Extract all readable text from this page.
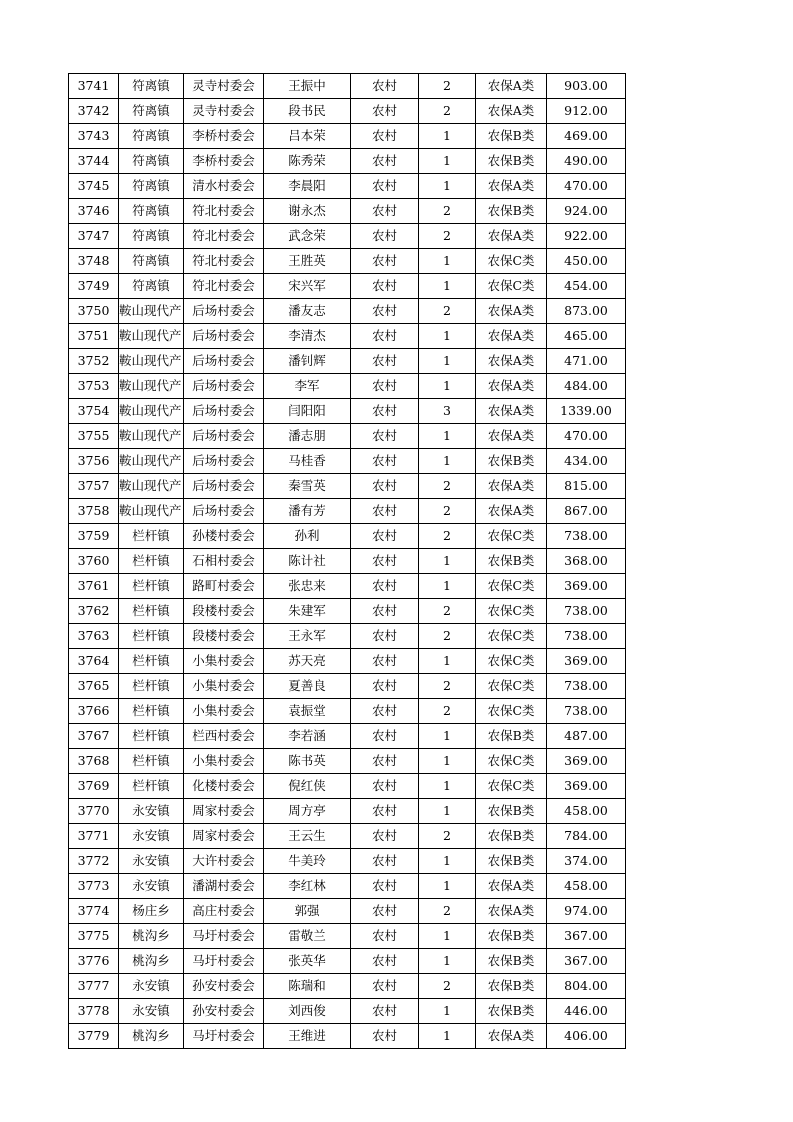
3741	符离镇	灵寺村委会	王振中	农村	2	农保A类	903.00
3742	符离镇	灵寺村委会	段书民	农村	2	农保A类	912.00
3743	符离镇	李桥村委会	吕本荣	农村	1	农保B类	469.00
3744	符离镇	李桥村委会	陈秀荣	农村	1	农保B类	490.00
3745	符离镇	清水村委会	李晨阳	农村	1	农保A类	470.00
3746	符离镇	符北村委会	谢永杰	农村	2	农保B类	924.00
3747	符离镇	符北村委会	武念荣	农村	2	农保A类	922.00
3748	符离镇	符北村委会	王胜英	农村	1	农保C类	450.00
3749	符离镇	符北村委会	宋兴军	农村	1	农保C类	454.00
3750	鞍山现代产	后场村委会	潘友志	农村	2	农保A类	873.00
3751	鞍山现代产	后场村委会	李清杰	农村	1	农保A类	465.00
3752	鞍山现代产	后场村委会	潘钊辉	农村	1	农保A类	471.00
3753	鞍山现代产	后场村委会	李军	农村	1	农保A类	484.00
3754	鞍山现代产	后场村委会	闫阳阳	农村	3	农保A类	1339.00
3755	鞍山现代产	后场村委会	潘志朋	农村	1	农保A类	470.00
3756	鞍山现代产	后场村委会	马桂香	农村	1	农保B类	434.00
3757	鞍山现代产	后场村委会	秦雪英	农村	2	农保A类	815.00
3758	鞍山现代产	后场村委会	潘有芳	农村	2	农保A类	867.00
3759	栏杆镇	孙楼村委会	孙利	农村	2	农保C类	738.00
3760	栏杆镇	石相村委会	陈计社	农村	1	农保B类	368.00
3761	栏杆镇	路町村委会	张忠来	农村	1	农保C类	369.00
3762	栏杆镇	段楼村委会	朱建军	农村	2	农保C类	738.00
3763	栏杆镇	段楼村委会	王永军	农村	2	农保C类	738.00
3764	栏杆镇	小集村委会	苏天亮	农村	1	农保C类	369.00
3765	栏杆镇	小集村委会	夏善良	农村	2	农保C类	738.00
3766	栏杆镇	小集村委会	袁振堂	农村	2	农保C类	738.00
3767	栏杆镇	栏西村委会	李若涵	农村	1	农保B类	487.00
3768	栏杆镇	小集村委会	陈书英	农村	1	农保C类	369.00
3769	栏杆镇	化楼村委会	倪红侠	农村	1	农保C类	369.00
3770	永安镇	周家村委会	周方亭	农村	1	农保B类	458.00
3771	永安镇	周家村委会	王云生	农村	2	农保B类	784.00
3772	永安镇	大许村委会	牛美玲	农村	1	农保B类	374.00
3773	永安镇	潘湖村委会	李红林	农村	1	农保A类	458.00
3774	杨庄乡	高庄村委会	郭强	农村	2	农保A类	974.00
3775	桃沟乡	马圩村委会	雷敬兰	农村	1	农保B类	367.00
3776	桃沟乡	马圩村委会	张英华	农村	1	农保B类	367.00
3777	永安镇	孙安村委会	陈瑞和	农村	2	农保B类	804.00
3778	永安镇	孙安村委会	刘西俊	农村	1	农保B类	446.00
3779	桃沟乡	马圩村委会	王维进	农村	1	农保A类	406.00
